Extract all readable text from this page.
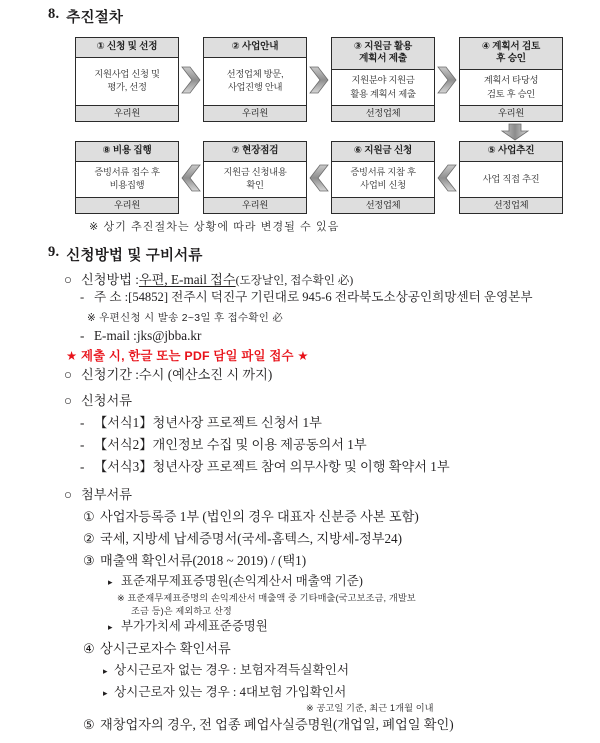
8. 추진절차
① 신청 및 선정
지원사업 신청 및
평가, 선정
우리원
② 사업안내
선정업체 방문,
사업진행 안내
우리원
③ 지원금 활용
계획서 제출
지원분야 지원금
활용 계획서 제출
선정업체
④ 계획서 검토
후 승인
계획서 타당성
검토 후 승인
우리원
⑧ 비용 집행
증빙서류 접수 후
비용집행
우리원
⑦ 현장점검
지원금 신청내용
확인
우리원
⑥ 지원금 신청
증빙서류 지참 후
사업비 신청
선정업체
⑤ 사업추진
사업 직접 추진
선정업체
※ 상기 추진절차는 상황에 따라 변경될 수 있음
9. 신청방법 및 구비서류
○ 신청방법 : 우편, E-mail 접수 (도장날인, 접수확인 必)
- 주 소 : [54852] 전주시 덕진구 기린대로 945-6 전라북도소상공인희망센터 운영본부
※ 우편신청 시 발송 2~3일 후 접수확인 必
- E-mail : jks@jbba.kr
★ 제출 시, 한글 또는 PDF 담일 파일 접수 ★
○ 신청기간 : 수시 (예산소진 시 까지)
○ 신청서류
- 【서식1】 청년사장 프로젝트 신청서 1부
- 【서식2】 개인정보 수집 및 이용 제공동의서 1부
- 【서식3】 청년사장 프로젝트 참여 의무사항 및 이행 확약서 1부
○ 첨부서류
① 사업자등록증 1부 (법인의 경우 대표자 신분증 사본 포함)
② 국세, 지방세 납세증명서(국세-홈텍스, 지방세-정부24)
③ 매출액 확인서류(2018 ~ 2019) / (택1)
▸ 표준재무제표증명원(손익계산서 매출액 기준)
※ 표준재무제표증명의 손익계산서 매출액 중 기타매출(국고보조금, 개발보
조금 등)은 제외하고 산정
▸ 부가가치세 과세표준증명원
④ 상시근로자수 확인서류
▸ 상시근로자 없는 경우 : 보험자격득실확인서
▸ 상시근로자 있는 경우 : 4대보험 가입확인서
※ 공고일 기준, 최근 1개월 이내
⑤ 재창업자의 경우, 전 업종 폐업사실증명원(개업일, 폐업일 확인)
